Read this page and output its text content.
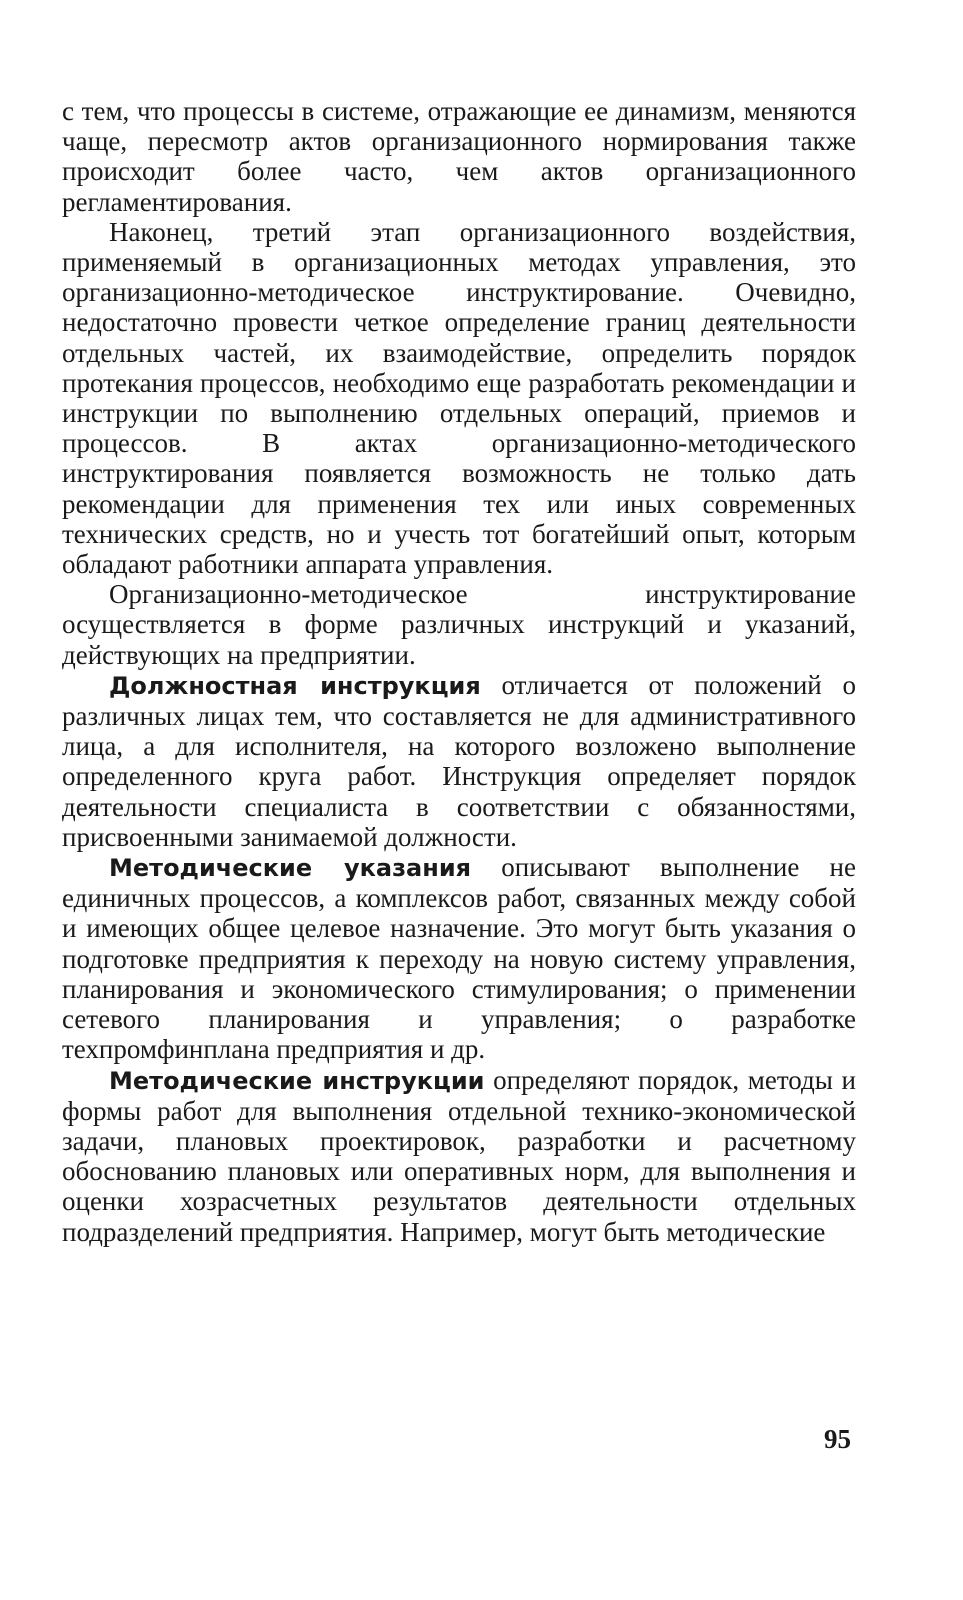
с тем, что процессы в системе, отражающие ее динамизм, меняются чаще, пересмотр актов организационного нормирования также происходит более часто, чем актов организационного регламентирования.

Наконец, третий этап организационного воздействия, применяемый в организационных методах управления, это организационно-методическое инструктирование. Очевидно, недостаточно провести четкое определение границ деятельности отдельных частей, их взаимодействие, определить порядок протекания процессов, необходимо еще разработать рекомендации и инструкции по выполнению отдельных операций, приемов и процессов. В актах организационно-методического инструктирования появляется возможность не только дать рекомендации для применения тех или иных современных технических средств, но и учесть тот богатейший опыт, которым обладают работники аппарата управления.

Организационно-методическое инструктирование осуществляется в форме различных инструкций и указаний, действующих на предприятии.

Должностная инструкция отличается от положений о различных лицах тем, что составляется не для административного лица, а для исполнителя, на которого возложено выполнение определенного круга работ. Инструкция определяет порядок деятельности специалиста в соответствии с обязанностями, присвоенными занимаемой должности.

Методические указания описывают выполнение не единичных процессов, а комплексов работ, связанных между собой и имеющих общее целевое назначение. Это могут быть указания о подготовке предприятия к переходу на новую систему управления, планирования и экономического стимулирования; о применении сетевого планирования и управления; о разработке техпромфинплана предприятия и др.

Методические инструкции определяют порядок, методы и формы работ для выполнения отдельной технико-экономической задачи, плановых проектировок, разработки и расчетному обоснованию плановых или оперативных норм, для выполнения и оценки хозрасчетных результатов деятельности отдельных подразделений предприятия. Например, могут быть методические

95
